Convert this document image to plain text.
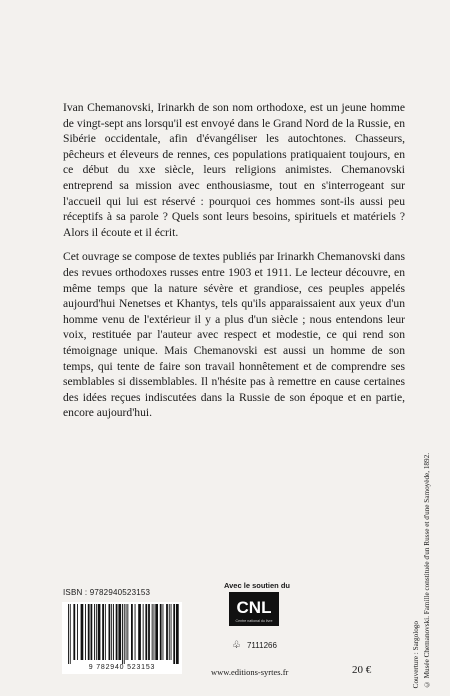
Ivan Chemanovski, Irinarkh de son nom orthodoxe, est un jeune homme de vingt-sept ans lorsqu'il est envoyé dans le Grand Nord de la Russie, en Sibérie occidentale, afin d'évangéliser les autochtones. Chasseurs, pêcheurs et éleveurs de rennes, ces populations pratiquaient toujours, en ce début du xxe siècle, leurs religions animistes. Chemanovski entreprend sa mission avec enthousiasme, tout en s'interrogeant sur l'accueil qui lui est réservé : pourquoi ces hommes sont-ils aussi peu réceptifs à sa parole ? Quels sont leurs besoins, spirituels et matériels ? Alors il écoute et il écrit.

Cet ouvrage se compose de textes publiés par Irinarkh Chemanovski dans des revues orthodoxes russes entre 1903 et 1911. Le lecteur découvre, en même temps que la nature sévère et grandiose, ces peuples appelés aujourd'hui Nenetses et Khantys, tels qu'ils apparaissaient aux yeux d'un homme venu de l'extérieur il y a plus d'un siècle ; nous entendons leur voix, restituée par l'auteur avec respect et modestie, ce qui rend son témoignage unique. Mais Chemanovski est aussi un homme de son temps, qui tente de faire son travail honnêtement et de comprendre ses semblables si dissemblables. Il n'hésite pas à remettre en cause certaines des idées reçues indiscutées dans la Russie de son époque et en partie, encore aujourd'hui.

Couverture : Sargologo © Musée Chemanovski. Famille constituée d'un Russe et d'une Samoyède, 1892.
ISBN : 9782940523153
9 782940 523153
Avec le soutien du
CNL
Centre national du livre
♧ 7111266
www.editions-syrtes.fr	20 €
